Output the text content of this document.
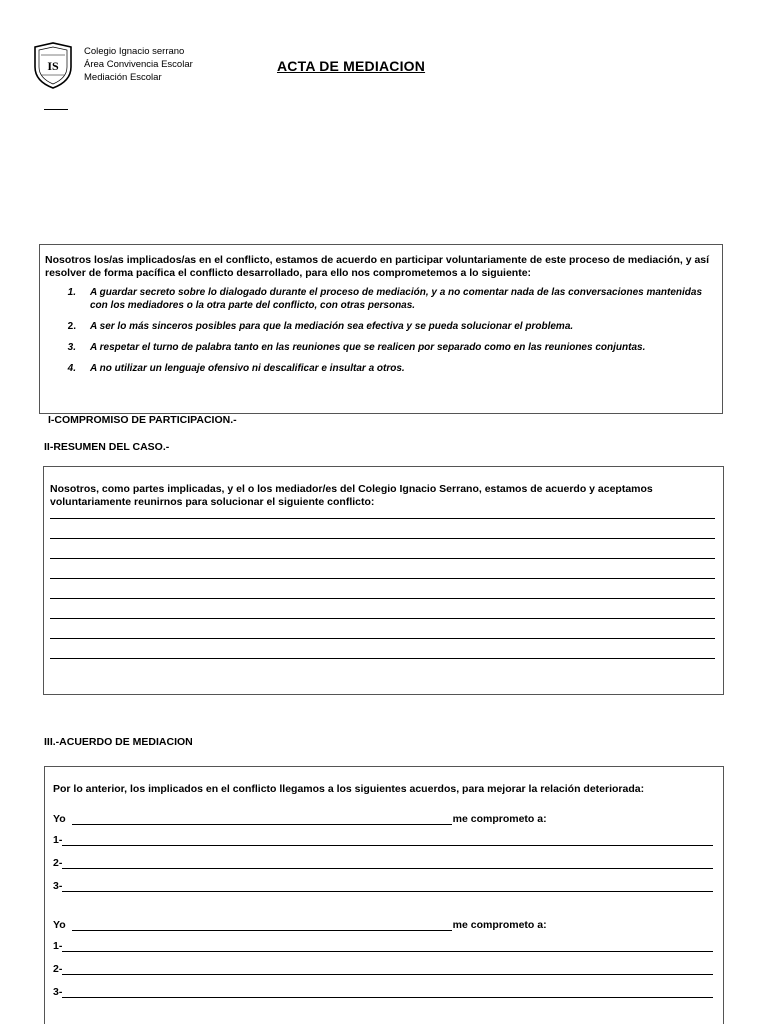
IS
Colegio Ignacio serrano
Área Convivencia Escolar
Mediación Escolar
ACTA DE MEDIACION

Nosotros los/as implicados/as en el conflicto, estamos de acuerdo en participar voluntariamente de este proceso de mediación, y así resolver de forma pacífica el conflicto desarrollado, para ello nos comprometemos a lo siguiente:

1.	A guardar secreto sobre lo dialogado durante el proceso de mediación, y a no comentar nada de las conversaciones mantenidas con los mediadores o la otra parte del conflicto, con otras personas.
2.	A ser lo más sinceros posibles para que la mediación sea efectiva y se pueda solucionar el problema.
3.	A respetar el turno de palabra tanto en las reuniones que se realicen por separado como en las reuniones conjuntas.
4.	A no utilizar un lenguaje ofensivo ni descalificar e insultar a otros.
I-COMPROMISO DE PARTICIPACION.-
II-RESUMEN DEL CASO.-

Nosotros, como partes implicadas, y el o los mediador/es del Colegio Ignacio Serrano, estamos de acuerdo y aceptamos voluntariamente reunirnos para solucionar el siguiente conflicto:

III.-ACUERDO DE MEDIACION

Por lo anterior, los implicados en el conflicto llegamos a los siguientes acuerdos, para mejorar la relación deteriorada:

Yo	me comprometo a:
1-
2-
3-
Yo	me comprometo a:
1-
2-
3-
